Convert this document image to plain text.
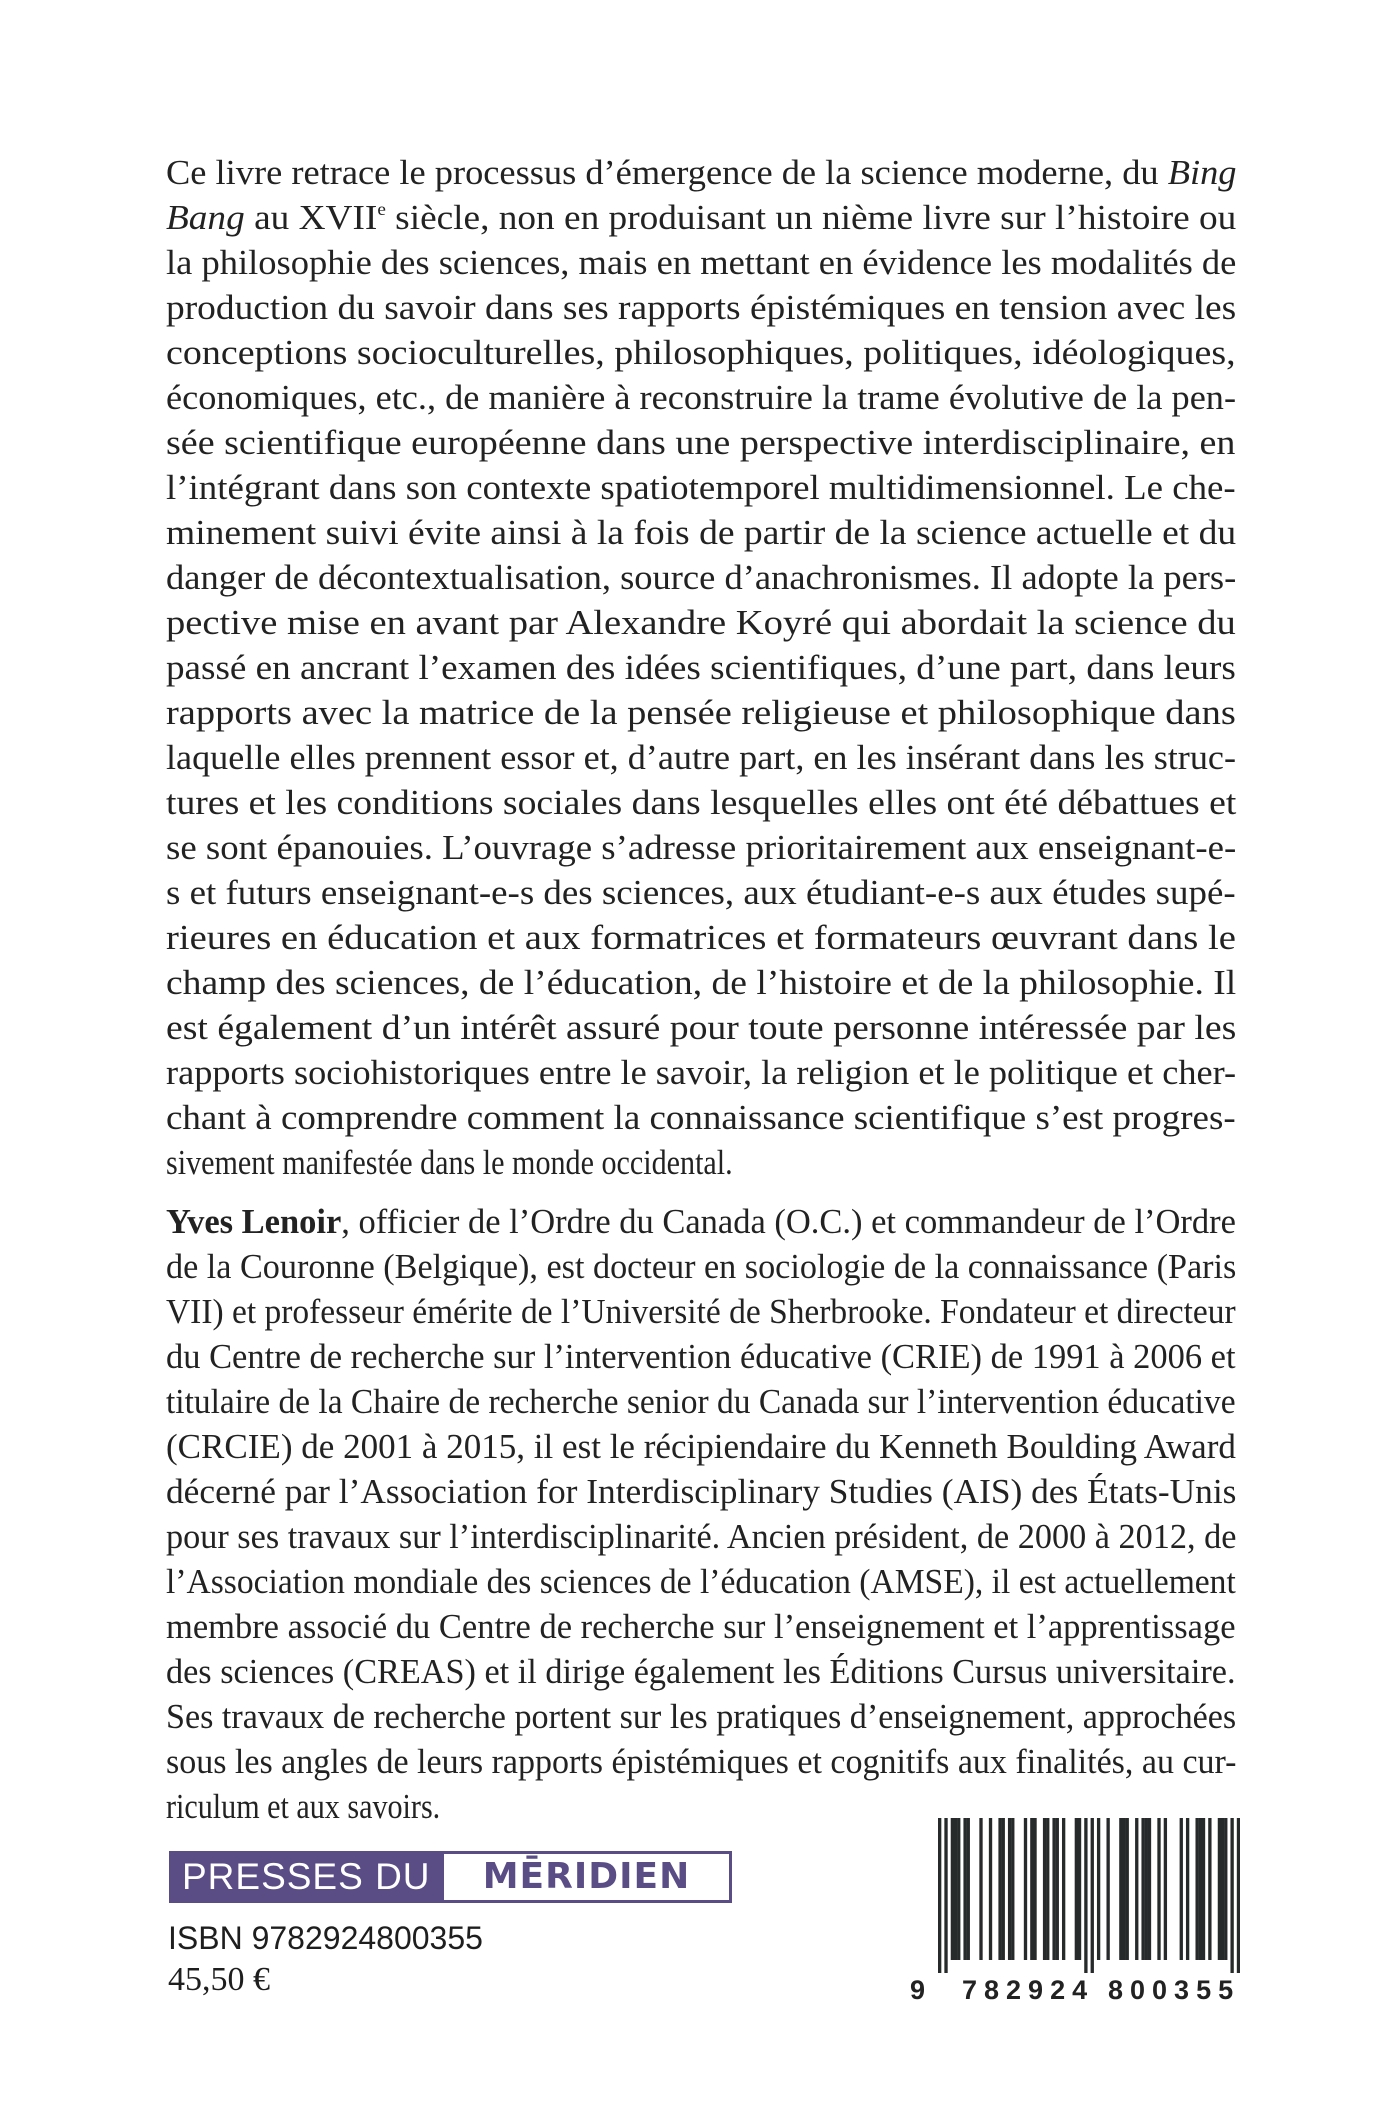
Ce livre retrace le processus d’émergence de la science moderne, du Bing
Bang au XVIIe siècle, non en produisant un nième livre sur l’histoire ou
la philosophie des sciences, mais en mettant en évidence les modalités de
production du savoir dans ses rapports épistémiques en tension avec les
conceptions socioculturelles, philosophiques, politiques, idéologiques,
économiques, etc., de manière à reconstruire la trame évolutive de la pen-
sée scientifique européenne dans une perspective interdisciplinaire, en
l’intégrant dans son contexte spatiotemporel multidimensionnel. Le che-
minement suivi évite ainsi à la fois de partir de la science actuelle et du
danger de décontextualisation, source d’anachronismes. Il adopte la pers-
pective mise en avant par Alexandre Koyré qui abordait la science du
passé en ancrant l’examen des idées scientifiques, d’une part, dans leurs
rapports avec la matrice de la pensée religieuse et philosophique dans
laquelle elles prennent essor et, d’autre part, en les insérant dans les struc-
tures et les conditions sociales dans lesquelles elles ont été débattues et
se sont épanouies. L’ouvrage s’adresse prioritairement aux enseignant-e-
s et futurs enseignant-e-s des sciences, aux étudiant-e-s aux études supé-
rieures en éducation et aux formatrices et formateurs œuvrant dans le
champ des sciences, de l’éducation, de l’histoire et de la philosophie. Il
est également d’un intérêt assuré pour toute personne intéressée par les
rapports sociohistoriques entre le savoir, la religion et le politique et cher-
chant à comprendre comment la connaissance scientifique s’est progres-
sivement manifestée dans le monde occidental.
Yves Lenoir, officier de l’Ordre du Canada (O.C.) et commandeur de l’Ordre
de la Couronne (Belgique), est docteur en sociologie de la connaissance (Paris
VII) et professeur émérite de l’Université de Sherbrooke. Fondateur et directeur
du Centre de recherche sur l’intervention éducative (CRIE) de 1991 à 2006 et
titulaire de la Chaire de recherche senior du Canada sur l’intervention éducative
(CRCIE) de 2001 à 2015, il est le récipiendaire du Kenneth Boulding Award
décerné par l’Association for Interdisciplinary Studies (AIS) des États-Unis
pour ses travaux sur l’interdisciplinarité. Ancien président, de 2000 à 2012, de
l’Association mondiale des sciences de l’éducation (AMSE), il est actuellement
membre associé du Centre de recherche sur l’enseignement et l’apprentissage
des sciences (CREAS) et il dirige également les Éditions Cursus universitaire.
Ses travaux de recherche portent sur les pratiques d’enseignement, approchées
sous les angles de leurs rapports épistémiques et cognitifs aux finalités, au cur-
riculum et aux savoirs.
PRESSES DU	MĒRIDIEN
ISBN 9782924800355
45,50 €	9 782924 800355
